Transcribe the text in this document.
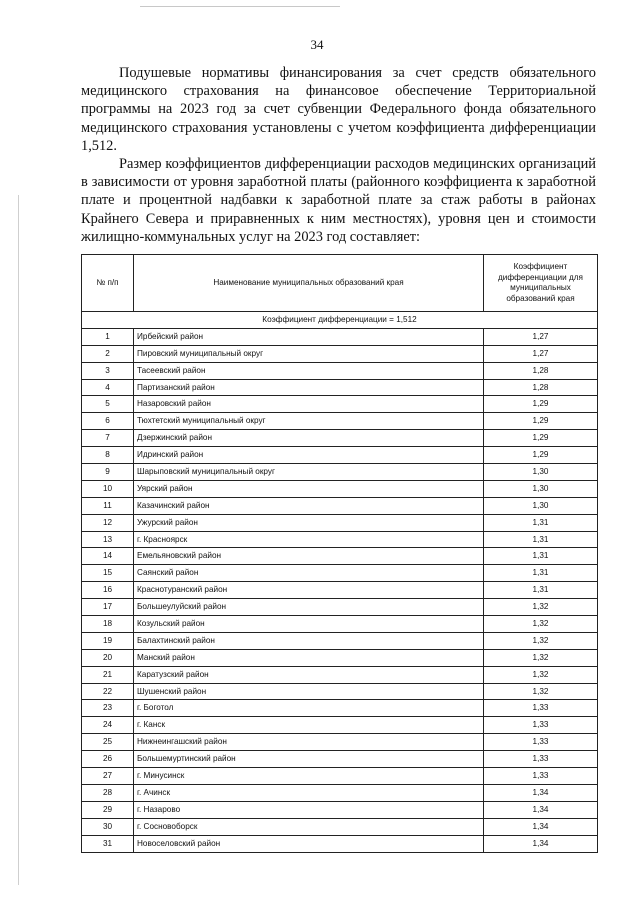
34

Подушевые нормативы финансирования за счет средств обязательного медицинского страхования на финансовое обеспечение Территориальной программы на 2023 год за счет субвенции Федерального фонда обязательного медицинского страхования установлены с учетом коэффициента дифференциации 1,512.

Размер коэффициентов дифференциации расходов медицинских организаций в зависимости от уровня заработной платы (районного коэффициента к заработной плате и процентной надбавки к заработной плате за стаж работы в районах Крайнего Севера и приравненных к ним местностях), уровня цен и стоимости жилищно-коммунальных услуг на 2023 год составляет:

№ п/п	Наименование муниципальных образований края	Коэффициент дифференциации для муниципальных образований края
Коэффициент дифференциации = 1,512		
1	Ирбейский район	1,27
2	Пировский муниципальный округ	1,27
3	Тасеевский район	1,28
4	Партизанский район	1,28
5	Назаровский район	1,29
6	Тюхтетский муниципальный округ	1,29
7	Дзержинский район	1,29
8	Идринский район	1,29
9	Шарыповский муниципальный округ	1,30
10	Уярский район	1,30
11	Казачинский район	1,30
12	Ужурский район	1,31
13	г. Красноярск	1,31
14	Емельяновский район	1,31
15	Саянский район	1,31
16	Краснотуранский район	1,31
17	Большеулуйский район	1,32
18	Козульский район	1,32
19	Балахтинский район	1,32
20	Манский район	1,32
21	Каратузский район	1,32
22	Шушенский район	1,32
23	г. Боготол	1,33
24	г. Канск	1,33
25	Нижнеингашский район	1,33
26	Большемуртинский район	1,33
27	г. Минусинск	1,33
28	г. Ачинск	1,34
29	г. Назарово	1,34
30	г. Сосновоборск	1,34
31	Новоселовский район	1,34
